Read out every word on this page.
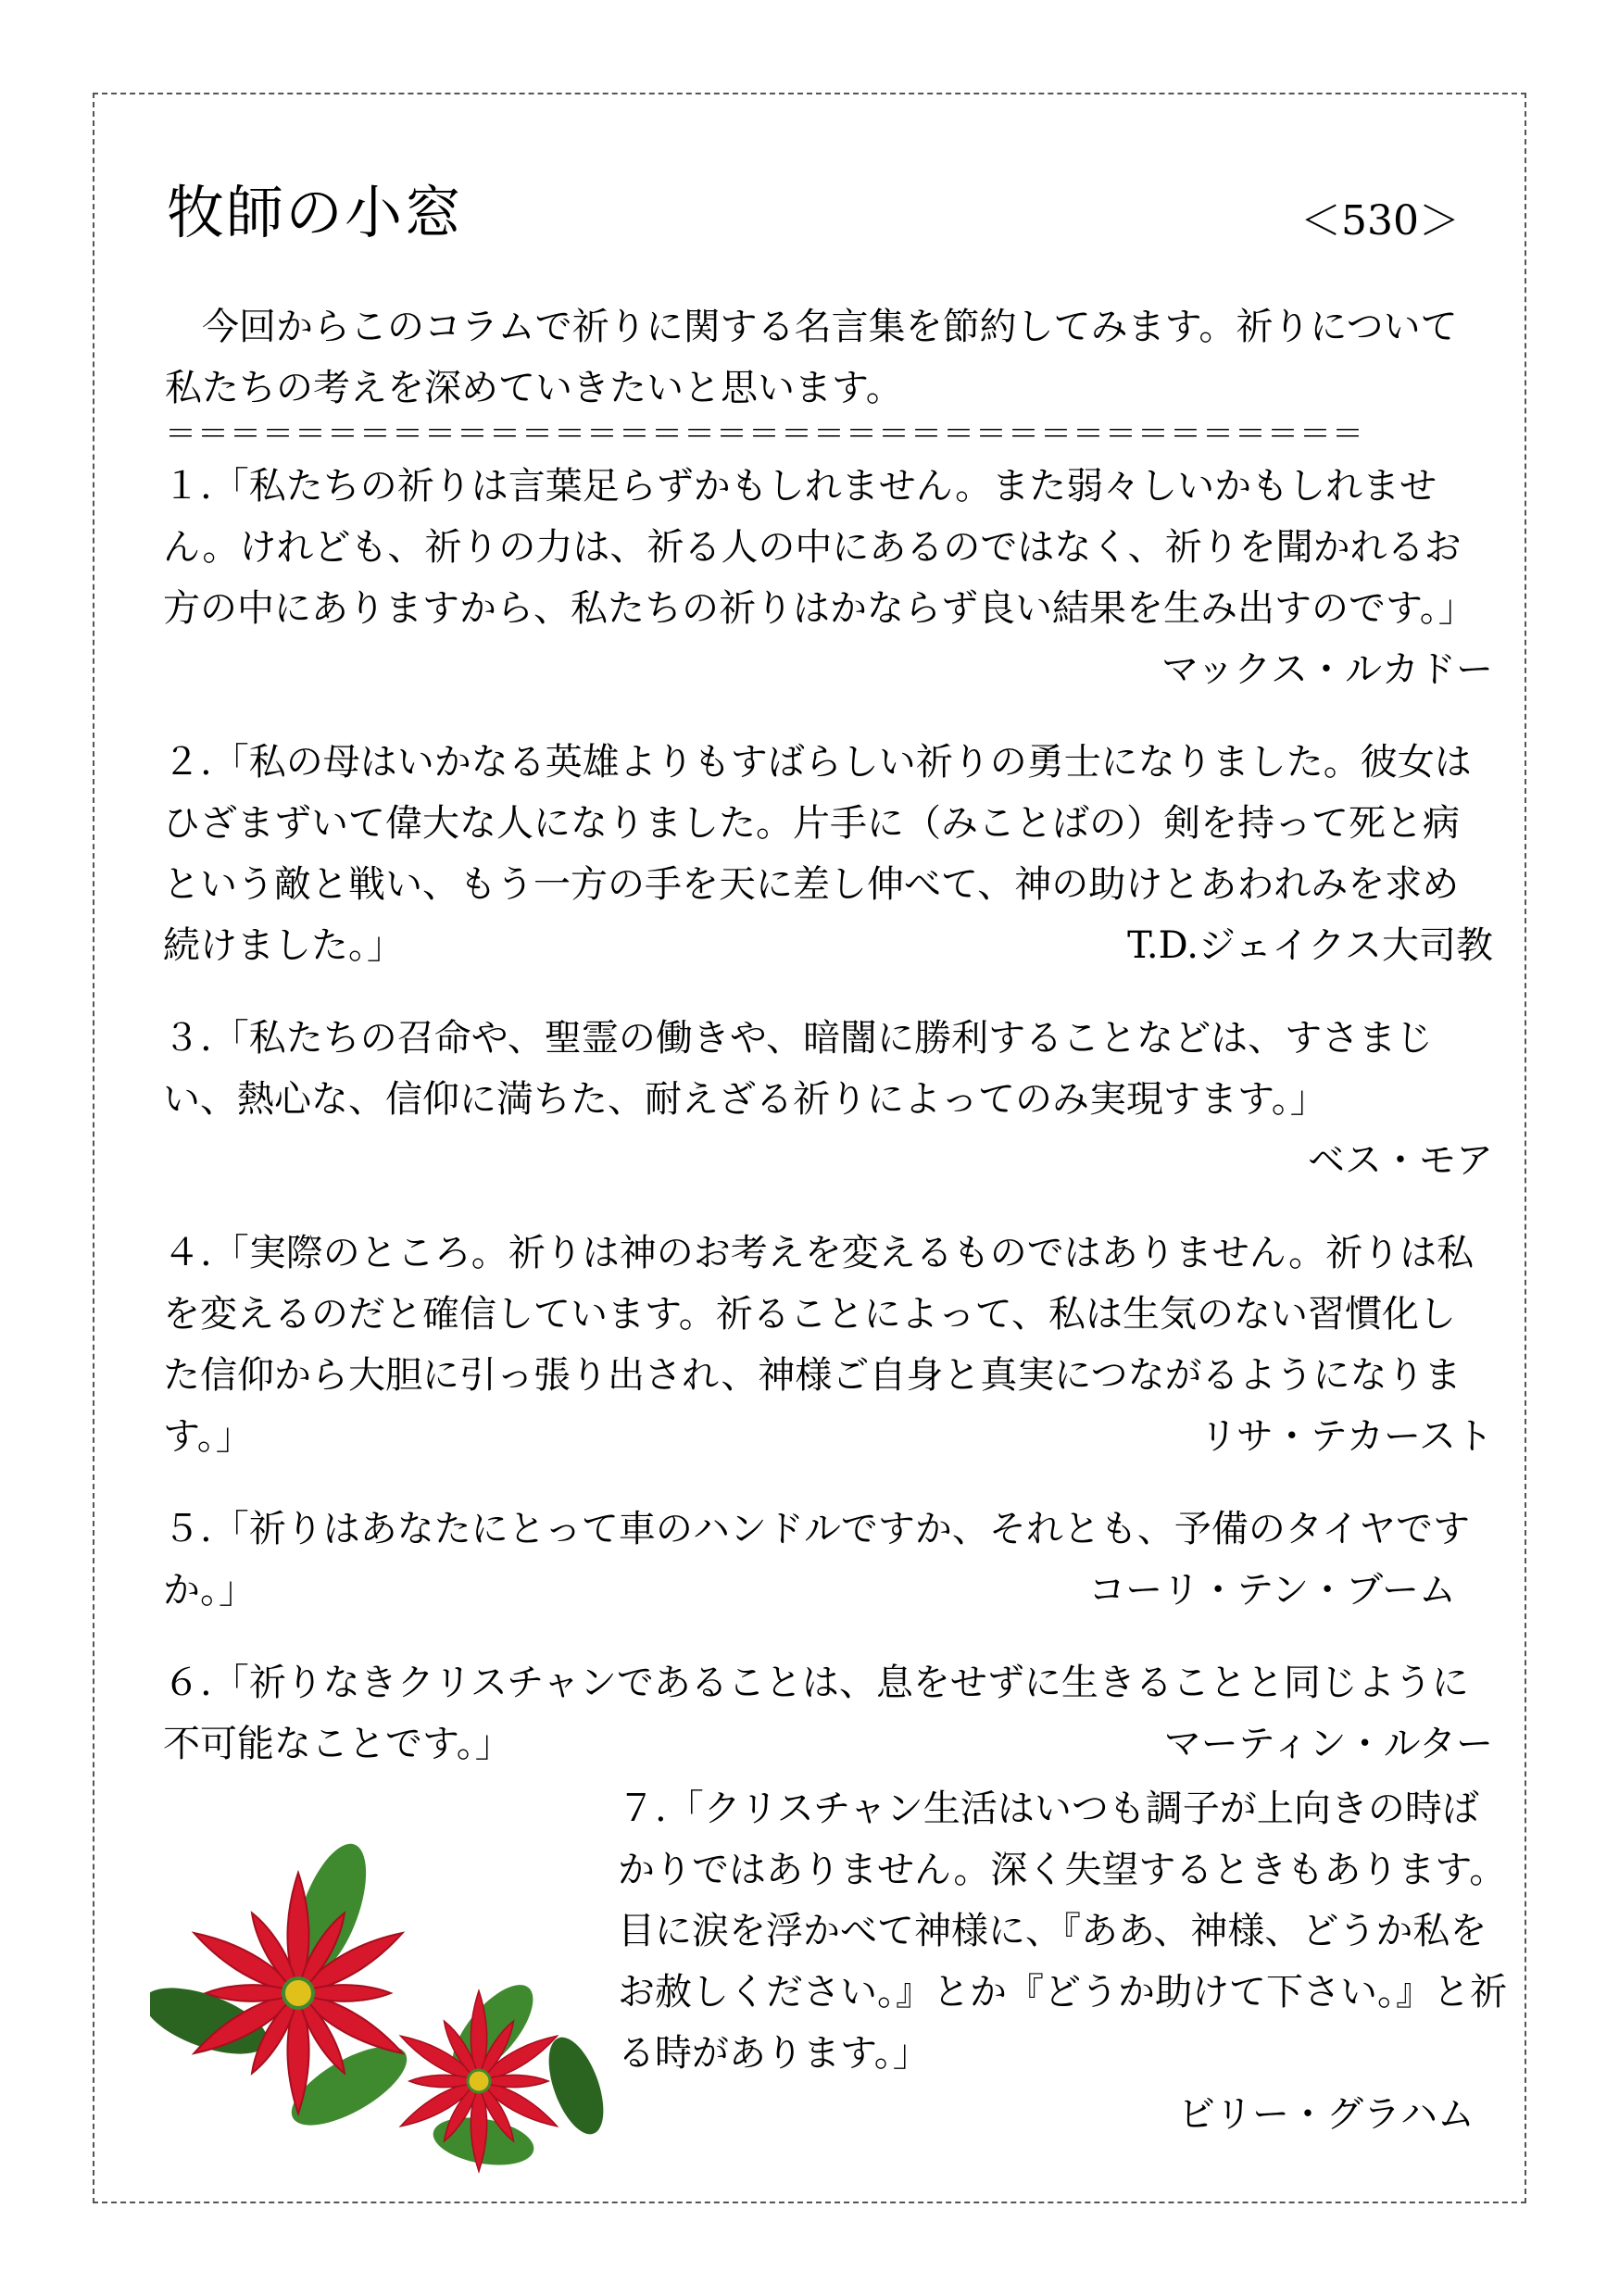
牧師の小窓	＜530＞

今回からこのコラムで祈りに関する名言集を節約してみます。祈りについて私たちの考えを深めていきたいと思います。

＝＝＝＝＝＝＝＝＝＝＝＝＝＝＝＝＝＝＝＝＝＝＝＝＝＝＝＝＝＝＝＝＝＝＝＝＝

１.「私たちの祈りは言葉足らずかもしれません。また弱々しいかもしれません。けれども、祈りの力は、祈る人の中にあるのではなく、祈りを聞かれるお方の中にありますから、私たちの祈りはかならず良い結果を生み出すのです。」

マックス・ルカドー

２.「私の母はいかなる英雄よりもすばらしい祈りの勇士になりました。彼女はひざまずいて偉大な人になりました。片手に（みことばの）剣を持って死と病という敵と戦い、もう一方の手を天に差し伸べて、神の助けとあわれみを求め続けました。」	T.D.ジェイクス大司教

３.「私たちの召命や、聖霊の働きや、暗闇に勝利することなどは、すさまじい、熱心な、信仰に満ちた、耐えざる祈りによってのみ実現すます。」

ベス・モア

４.「実際のところ。祈りは神のお考えを変えるものではありません。祈りは私を変えるのだと確信しています。祈ることによって、私は生気のない習慣化した信仰から大胆に引っ張り出され、神様ご自身と真実につながるようになります。」	リサ・テカースト

５.「祈りはあなたにとって車のハンドルですか、それとも、予備のタイヤですか。」	コーリ・テン・ブーム

６.「祈りなきクリスチャンであることは、息をせずに生きることと同じように不可能なことです。」	マーティン・ルター

７.「クリスチャン生活はいつも調子が上向きの時ばかりではありません。深く失望するときもあります。目に涙を浮かべて神様に、『ああ、神様、どうか私をお赦しください。』とか『どうか助けて下さい。』と祈る時があります。」

ビリー・グラハム
